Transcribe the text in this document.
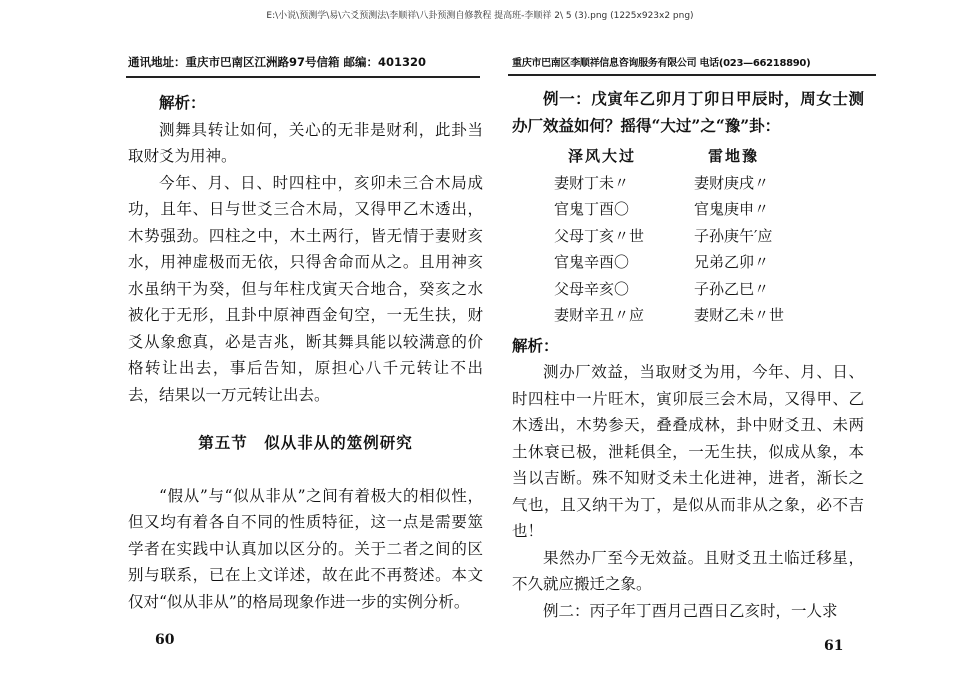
E:\小说\预测学\易\六爻预测法\李顺祥\八卦预测自修教程 提高班-李顺祥 2\ 5 (3).png (1225x923x2 png)
通讯地址：重庆市巴南区江洲路97号信箱 邮编：401320	重庆市巴南区李顺祥信息咨询服务有限公司 电话(023—66218890)

解析：

测舞具转让如何，关心的无非是财利，此卦当取财爻为用神。

今年、月、日、时四柱中，亥卯未三合木局成功，且年、日与世爻三合木局，又得甲乙木透出，木势强劲。四柱之中，木土两行，皆无情于妻财亥水，用神虚极而无依，只得舍命而从之。且用神亥水虽纳干为癸，但与年柱戊寅天合地合，癸亥之水被化于无形，且卦中原神酉金旬空，一无生扶，财爻从象愈真，必是吉兆，断其舞具能以较满意的价格转让出去，事后告知，原担心八千元转让不出去，结果以一万元转让出去。

第五节　似从非从的筮例研究

“假从”与“似从非从”之间有着极大的相似性，但又均有着各自不同的性质特征，这一点是需要筮学者在实践中认真加以区分的。关于二者之间的区别与联系，已在上文详述，故在此不再赘述。本文仅对“似从非从”的格局现象作进一步的实例分析。

60

例一：戊寅年乙卯月丁卯日甲辰时，周女士测办厂效益如何？摇得“大过”之“豫”卦：

泽风大过	雷地豫
妻财丁未〃	妻财庚戌〃
官鬼丁酉〇	官鬼庚申〃
父母丁亥〃世	子孙庚午′应
官鬼辛酉〇	兄弟乙卯〃
父母辛亥〇	子孙乙巳〃
妻财辛丑〃应	妻财乙未〃世

解析：

测办厂效益，当取财爻为用，今年、月、日、时四柱中一片旺木，寅卯辰三会木局，又得甲、乙木透出，木势参天，叠叠成林，卦中财爻丑、未两土休衰已极，泄耗俱全，一无生扶，似成从象，本当以吉断。殊不知财爻未土化进神，进者，渐长之气也，且又纳干为丁，是似从而非从之象，必不吉也！

果然办厂至今无效益。且财爻丑土临迁移星，不久就应搬迁之象。

例二：丙子年丁酉月己酉日乙亥时，一人求

61
